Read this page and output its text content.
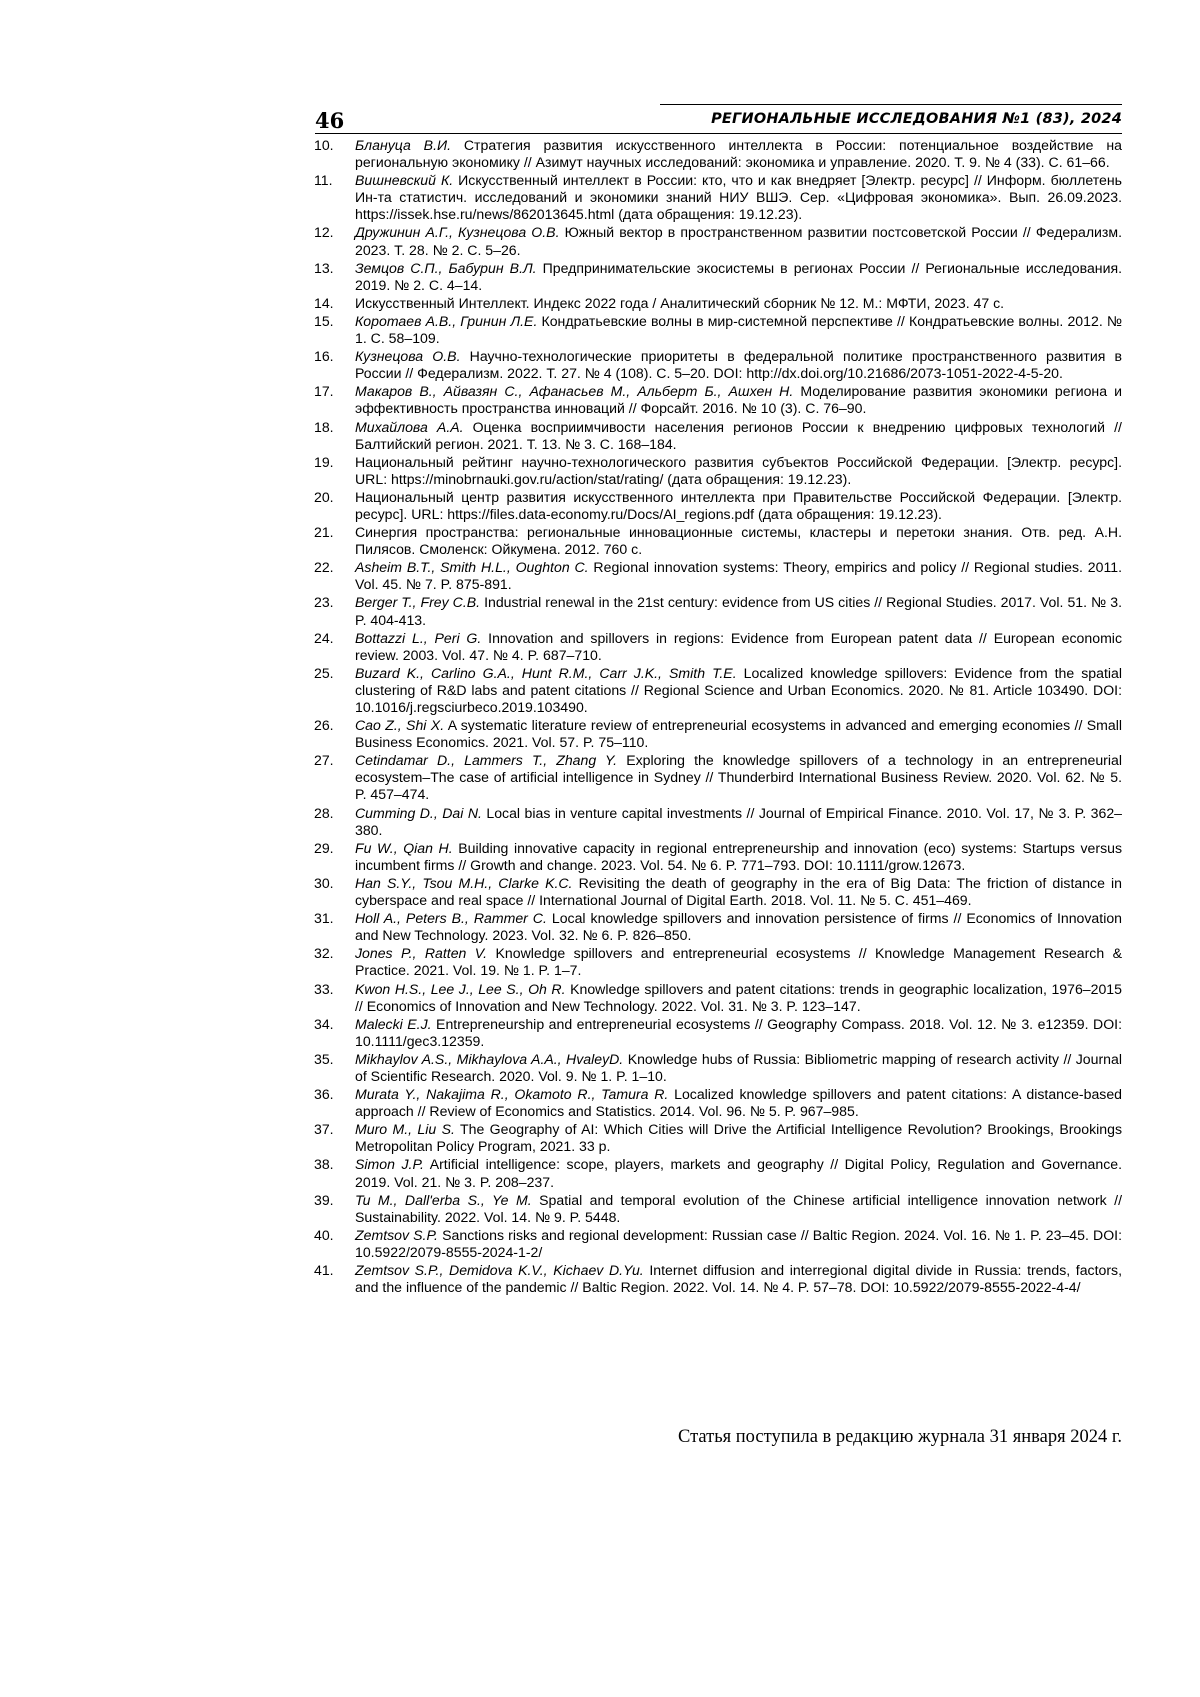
46	РЕГИОНАЛЬНЫЕ ИССЛЕДОВАНИЯ №1 (83), 2024
10.	Блануца В.И. Стратегия развития искусственного интеллекта в России: потенциальное воздействие на региональную экономику // Азимут научных исследований: экономика и управление. 2020. Т. 9. № 4 (33). С. 61–66.
11.	Вишневский К. Искусственный интеллект в России: кто, что и как внедряет [Электр. ресурс] // Информ. бюллетень Ин-та статистич. исследований и экономики знаний НИУ ВШЭ. Сер. «Цифровая экономика». Вып. 26.09.2023. https://issek.hse.ru/news/862013645.html (дата обращения: 19.12.23).
12.	Дружинин А.Г., Кузнецова О.В. Южный вектор в пространственном развитии постсоветской России // Федерализм. 2023. Т. 28. № 2. С. 5–26.
13.	Земцов С.П., Бабурин В.Л. Предпринимательские экосистемы в регионах России // Региональные исследования. 2019. № 2. С. 4–14.
14.	Искусственный Интеллект. Индекс 2022 года / Аналитический сборник № 12. М.: МФТИ, 2023. 47 с.
15.	Коротаев А.В., Гринин Л.Е. Кондратьевские волны в мир-системной перспективе // Кондратьевские волны. 2012. № 1. С. 58–109.
16.	Кузнецова О.В. Научно-технологические приоритеты в федеральной политике пространственного развития в России // Федерализм. 2022. Т. 27. № 4 (108). С. 5–20. DOI: http://dx.doi.org/10.21686/2073-1051-2022-4-5-20.
17.	Макаров В., Айвазян С., Афанасьев М., Альберт Б., Ашхен Н. Моделирование развития экономики региона и эффективность пространства инноваций // Форсайт. 2016. № 10 (3). С. 76–90.
18.	Михайлова А.А. Оценка восприимчивости населения регионов России к внедрению цифровых технологий // Балтийский регион. 2021. Т. 13. № 3. С. 168–184.
19.	Национальный рейтинг научно-технологического развития субъектов Российской Федерации. [Электр. ресурс]. URL: https://minobrnauki.gov.ru/action/stat/rating/ (дата обращения: 19.12.23).
20.	Национальный центр развития искусственного интеллекта при Правительстве Российской Федерации. [Электр. ресурс]. URL: https://files.data-economy.ru/Docs/AI_regions.pdf (дата обращения: 19.12.23).
21.	Синергия пространства: региональные инновационные системы, кластеры и перетоки знания. Отв. ред. А.Н. Пилясов. Смоленск: Ойкумена. 2012. 760 с.
22.	Asheim B.T., Smith H.L., Oughton C. Regional innovation systems: Theory, empirics and policy // Regional studies. 2011. Vol. 45. № 7. P. 875-891.
23.	Berger T., Frey C.B. Industrial renewal in the 21st century: evidence from US cities // Regional Studies. 2017. Vol. 51. № 3. P. 404-413.
24.	Bottazzi L., Peri G. Innovation and spillovers in regions: Evidence from European patent data // European economic review. 2003. Vol. 47. № 4. P. 687–710.
25.	Buzard K., Carlino G.A., Hunt R.M., Carr J.K., Smith T.E. Localized knowledge spillovers: Evidence from the spatial clustering of R&D labs and patent citations // Regional Science and Urban Economics. 2020. № 81. Article 103490. DOI: 10.1016/j.regsciurbeco.2019.103490.
26.	Cao Z., Shi X. A systematic literature review of entrepreneurial ecosystems in advanced and emerging economies // Small Business Economics. 2021. Vol. 57. P. 75–110.
27.	Cetindamar D., Lammers T., Zhang Y. Exploring the knowledge spillovers of a technology in an entrepreneurial ecosystem–The case of artificial intelligence in Sydney // Thunderbird International Business Review. 2020. Vol. 62. № 5. P. 457–474.
28.	Cumming D., Dai N. Local bias in venture capital investments // Journal of Empirical Finance. 2010. Vol. 17, № 3. P. 362–380.
29.	Fu W., Qian H. Building innovative capacity in regional entrepreneurship and innovation (eco) systems: Startups versus incumbent firms // Growth and change. 2023. Vol. 54. № 6. P. 771–793. DOI: 10.1111/grow.12673.
30.	Han S.Y., Tsou M.H., Clarke K.C. Revisiting the death of geography in the era of Big Data: The friction of distance in cyberspace and real space // International Journal of Digital Earth. 2018. Vol. 11. № 5. C. 451–469.
31.	Holl A., Peters B., Rammer C. Local knowledge spillovers and innovation persistence of firms // Economics of Innovation and New Technology. 2023. Vol. 32. № 6. P. 826–850.
32.	Jones P., Ratten V. Knowledge spillovers and entrepreneurial ecosystems // Knowledge Management Research & Practice. 2021. Vol. 19. № 1. P. 1–7.
33.	Kwon H.S., Lee J., Lee S., Oh R. Knowledge spillovers and patent citations: trends in geographic localization, 1976–2015 // Economics of Innovation and New Technology. 2022. Vol. 31. № 3. P. 123–147.
34.	Malecki E.J. Entrepreneurship and entrepreneurial ecosystems // Geography Compass. 2018. Vol. 12. № 3. e12359. DOI: 10.1111/gec3.12359.
35.	Mikhaylov A.S., Mikhaylova A.A., HvaleyD. Knowledge hubs of Russia: Bibliometric mapping of research activity // Journal of Scientific Research. 2020. Vol. 9. № 1. P. 1–10.
36.	Murata Y., Nakajima R., Okamoto R., Tamura R. Localized knowledge spillovers and patent citations: A distance-based approach // Review of Economics and Statistics. 2014. Vol. 96. № 5. P. 967–985.
37.	Muro M., Liu S. The Geography of AI: Which Cities will Drive the Artificial Intelligence Revolution? Brookings, Brookings Metropolitan Policy Program, 2021. 33 p.
38.	Simon J.P. Artificial intelligence: scope, players, markets and geography // Digital Policy, Regulation and Governance. 2019. Vol. 21. № 3. P. 208–237.
39.	Tu M., Dall'erba S., Ye M. Spatial and temporal evolution of the Chinese artificial intelligence innovation network // Sustainability. 2022. Vol. 14. № 9. P. 5448.
40.	Zemtsov S.P. Sanctions risks and regional development: Russian case // Baltic Region. 2024. Vol. 16. № 1. P. 23–45. DOI: 10.5922/2079-8555-2024-1-2/
41.	Zemtsov S.P., Demidova K.V., Kichaev D.Yu. Internet diffusion and interregional digital divide in Russia: trends, factors, and the influence of the pandemic // Baltic Region. 2022. Vol. 14. № 4. P. 57–78. DOI: 10.5922/2079-8555-2022-4-4/
Статья поступила в редакцию журнала 31 января 2024 г.
